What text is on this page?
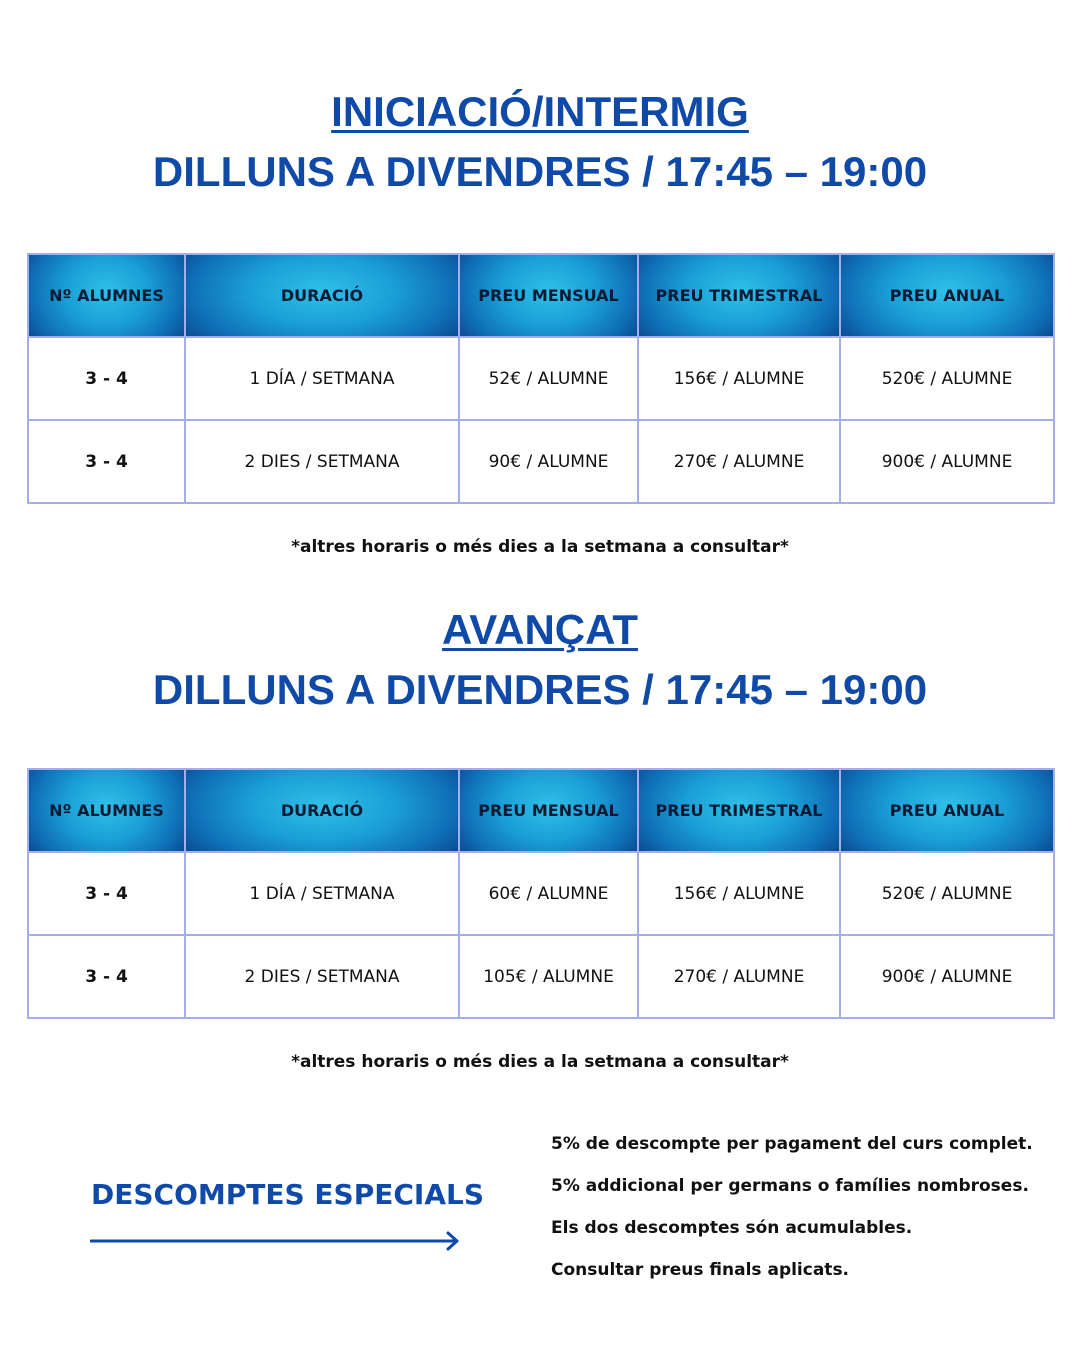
INICIACIÓ/INTERMIG
DILLUNS A DIVENDRES / 17:45 – 19:00
Nº ALUMNES	DURACIÓ	PREU MENSUAL	PREU TRIMESTRAL	PREU ANUAL
3 - 4	1 DÍA / SETMANA	52€ / ALUMNE	156€ / ALUMNE	520€ / ALUMNE
3 - 4	2 DIES / SETMANA	90€ / ALUMNE	270€ / ALUMNE	900€ / ALUMNE

*altres horaris o més dies a la setmana a consultar*

AVANÇAT
DILLUNS A DIVENDRES / 17:45 – 19:00
Nº ALUMNES	DURACIÓ	PREU MENSUAL	PREU TRIMESTRAL	PREU ANUAL
3 - 4	1 DÍA / SETMANA	60€ / ALUMNE	156€ / ALUMNE	520€ / ALUMNE
3 - 4	2 DIES / SETMANA	105€ / ALUMNE	270€ / ALUMNE	900€ / ALUMNE

*altres horaris o més dies a la setmana a consultar*

DESCOMPTES ESPECIALS
5% de descompte per pagament del curs complet.
5% addicional per germans o famílies nombroses.
Els dos descomptes són acumulables.
Consultar preus finals aplicats.
